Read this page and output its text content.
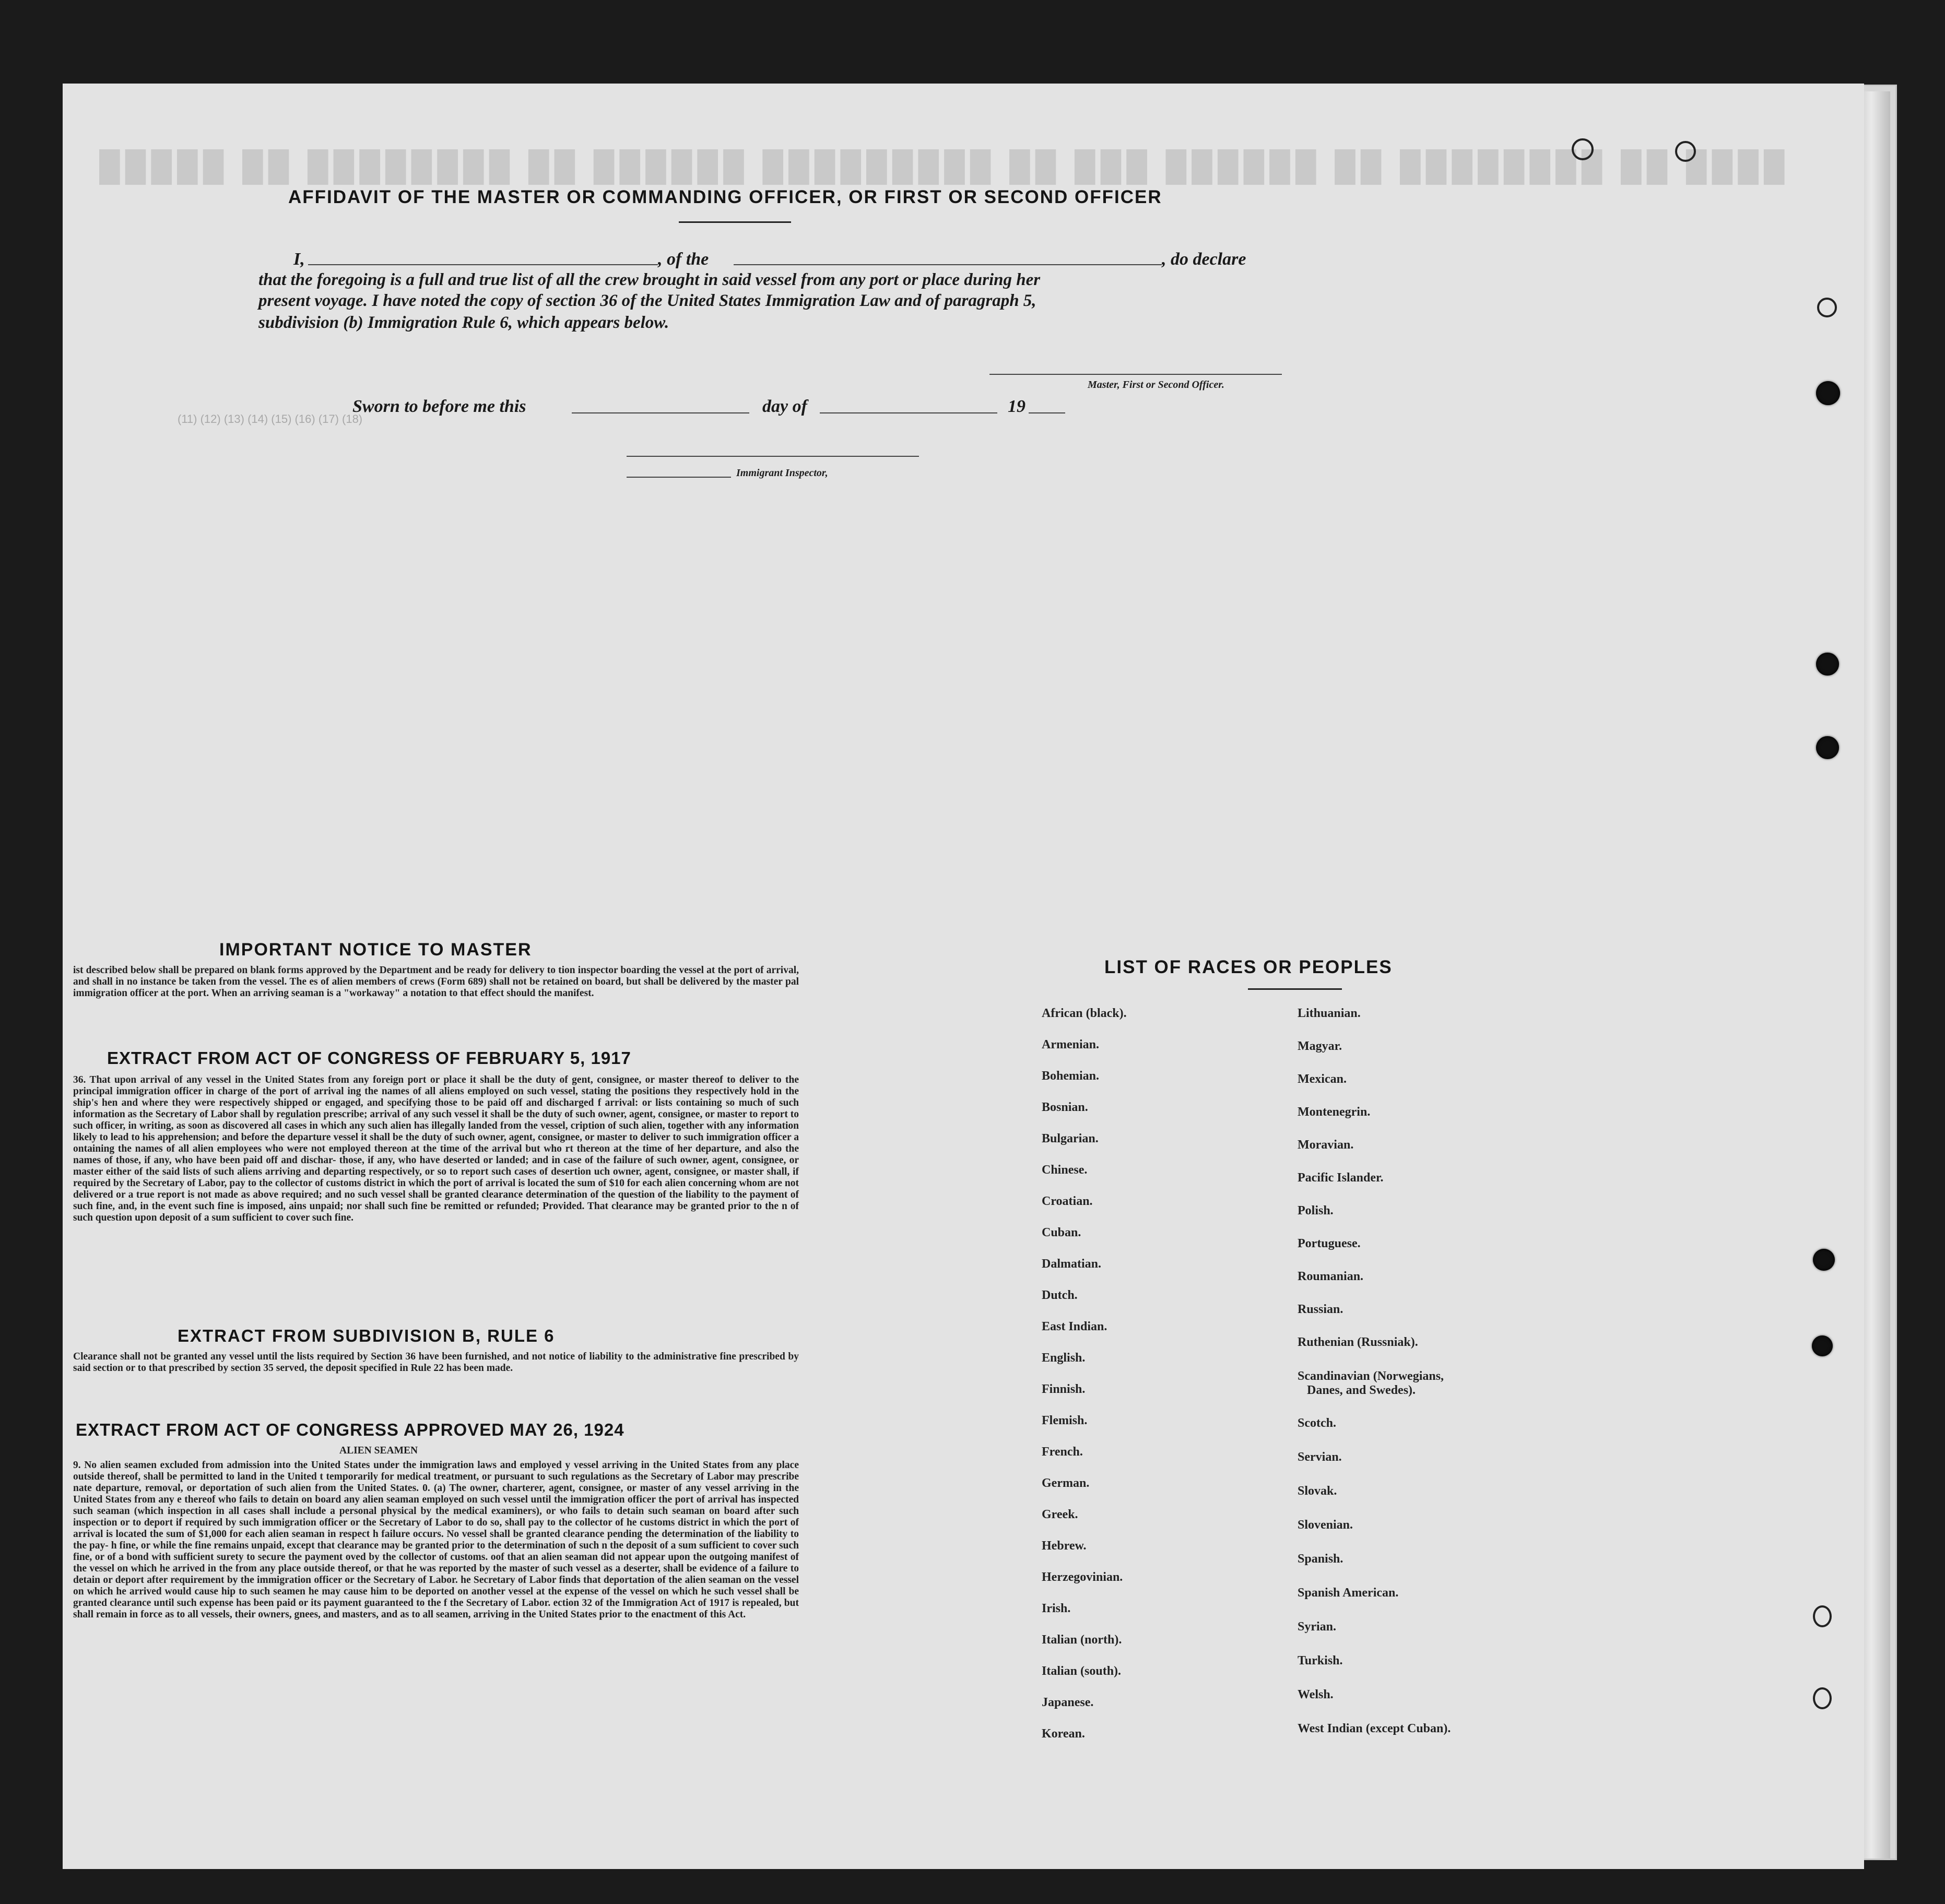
█████ ██ ████████ ██ ██████ █████████ ██ ███ ██████ ██ ████████ ██ ████
(11) (12) (13) (14) (15) (16) (17) (18)
AFFIDAVIT OF THE MASTER OR COMMANDING OFFICER, OR FIRST OR SECOND OFFICER
I,	, of the	, do declare
that the foregoing is a full and true list of all the crew brought in said vessel from any port or place during her
present voyage. I have noted the copy of section 36 of the United States Immigration Law and of paragraph 5,
subdivision (b) Immigration Rule 6, which appears below.
Master, First or Second Officer.
Sworn to before me this	day of	19
Immigrant Inspector,
IMPORTANT NOTICE TO MASTER
ist described below shall be prepared on blank forms approved by the Department and be ready for delivery to tion inspector boarding the vessel at the port of arrival, and shall in no instance be taken from the vessel. The es of alien members of crews (Form 689) shall not be retained on board, but shall be delivered by the master pal immigration officer at the port. When an arriving seaman is a "workaway" a notation to that effect should the manifest.
EXTRACT FROM ACT OF CONGRESS OF FEBRUARY 5, 1917
36. That upon arrival of any vessel in the United States from any foreign port or place it shall be the duty of gent, consignee, or master thereof to deliver to the principal immigration officer in charge of the port of arrival ing the names of all aliens employed on such vessel, stating the positions they respectively hold in the ship's hen and where they were respectively shipped or engaged, and specifying those to be paid off and discharged f arrival: or lists containing so much of such information as the Secretary of Labor shall by regulation prescribe; arrival of any such vessel it shall be the duty of such owner, agent, consignee, or master to report to such officer, in writing, as soon as discovered all cases in which any such alien has illegally landed from the vessel, cription of such alien, together with any information likely to lead to his apprehension; and before the departure vessel it shall be the duty of such owner, agent, consignee, or master to deliver to such immigration officer a ontaining the names of all alien employees who were not employed thereon at the time of the arrival but who rt thereon at the time of her departure, and also the names of those, if any, who have been paid off and dischar- those, if any, who have deserted or landed; and in case of the failure of such owner, agent, consignee, or master either of the said lists of such aliens arriving and departing respectively, or so to report such cases of desertion uch owner, agent, consignee, or master shall, if required by the Secretary of Labor, pay to the collector of customs district in which the port of arrival is located the sum of $10 for each alien concerning whom are not delivered or a true report is not made as above required; and no such vessel shall be granted clearance determination of the question of the liability to the payment of such fine, and, in the event such fine is imposed, ains unpaid; nor shall such fine be remitted or refunded; Provided. That clearance may be granted prior to the n of such question upon deposit of a sum sufficient to cover such fine.
EXTRACT FROM SUBDIVISION B, RULE 6
Clearance shall not be granted any vessel until the lists required by Section 36 have been furnished, and not notice of liability to the administrative fine prescribed by said section or to that prescribed by section 35 served, the deposit specified in Rule 22 has been made.
EXTRACT FROM ACT OF CONGRESS APPROVED MAY 26, 1924
ALIEN SEAMEN
9. No alien seamen excluded from admission into the United States under the immigration laws and employed y vessel arriving in the United States from any place outside thereof, shall be permitted to land in the United t temporarily for medical treatment, or pursuant to such regulations as the Secretary of Labor may prescribe nate departure, removal, or deportation of such alien from the United States. 0. (a) The owner, charterer, agent, consignee, or master of any vessel arriving in the United States from any e thereof who fails to detain on board any alien seaman employed on such vessel until the immigration officer the port of arrival has inspected such seaman (which inspection in all cases shall include a personal physical by the medical examiners), or who fails to detain such seaman on board after such inspection or to deport if required by such immigration officer or the Secretary of Labor to do so, shall pay to the collector of he customs district in which the port of arrival is located the sum of $1,000 for each alien seaman in respect h failure occurs. No vessel shall be granted clearance pending the determination of the liability to the pay- h fine, or while the fine remains unpaid, except that clearance may be granted prior to the determination of such n the deposit of a sum sufficient to cover such fine, or of a bond with sufficient surety to secure the payment oved by the collector of customs. oof that an alien seaman did not appear upon the outgoing manifest of the vessel on which he arrived in the from any place outside thereof, or that he was reported by the master of such vessel as a deserter, shall be evidence of a failure to detain or deport after requirement by the immigration officer or the Secretary of Labor. he Secretary of Labor finds that deportation of the alien seaman on the vessel on which he arrived would cause hip to such seamen he may cause him to be deported on another vessel at the expense of the vessel on which he such vessel shall be granted clearance until such expense has been paid or its payment guaranteed to the f the Secretary of Labor. ection 32 of the Immigration Act of 1917 is repealed, but shall remain in force as to all vessels, their owners, gnees, and masters, and as to all seamen, arriving in the United States prior to the enactment of this Act.
LIST OF RACES OR PEOPLES
African (black).
Armenian.
Bohemian.
Bosnian.
Bulgarian.
Chinese.
Croatian.
Cuban.
Dalmatian.
Dutch.
East Indian.
English.
Finnish.
Flemish.
French.
German.
Greek.
Hebrew.
Herzegovinian.
Irish.
Italian (north).
Italian (south).
Japanese.
Korean.
Lithuanian.
Magyar.
Mexican.
Montenegrin.
Moravian.
Pacific Islander.
Polish.
Portuguese.
Roumanian.
Russian.
Ruthenian (Russniak).
Scandinavian (Norwegians,
Danes, and Swedes).
Scotch.
Servian.
Slovak.
Slovenian.
Spanish.
Spanish American.
Syrian.
Turkish.
Welsh.
West Indian (except Cuban).
